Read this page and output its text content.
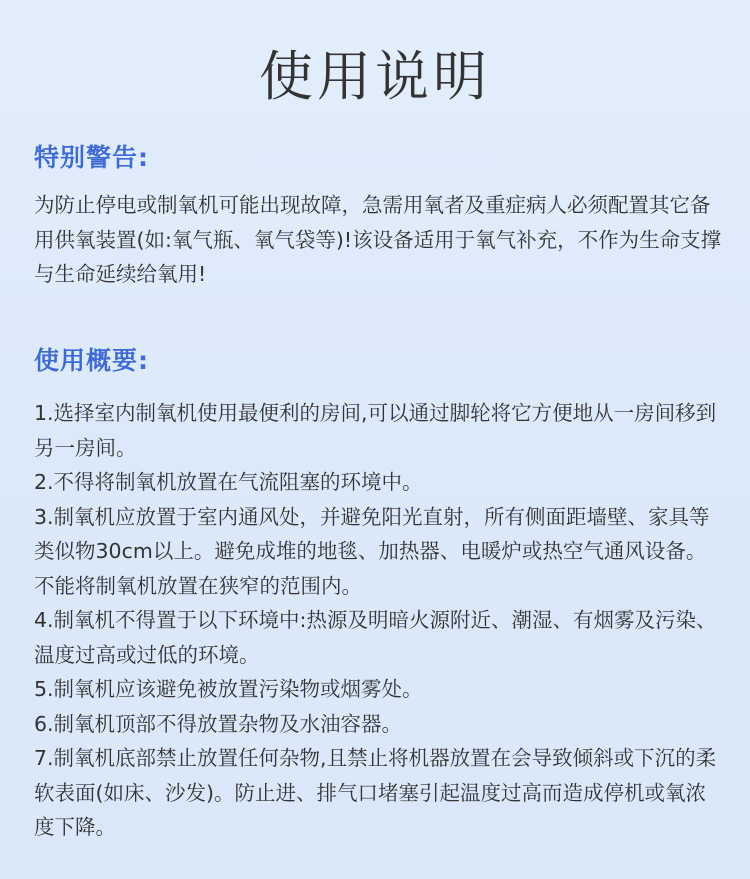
使用说明
特别警告:
为防止停电或制氧机可能出现故障，急需用氧者及重症病人必须配置其它备用供氧装置(如:氧气瓶、氧气袋等)!该设备适用于氧气补充，不作为生命支撑与生命延续给氧用!
使用概要:

1.选择室内制氧机使用最便利的房间,可以通过脚轮将它方便地从一房间移到另一房间。

2.不得将制氧机放置在气流阻塞的环境中。

3.制氧机应放置于室内通风处，并避免阳光直射，所有侧面距墙壁、家具等类似物30cm以上。避免成堆的地毯、加热器、电暖炉或热空气通风设备。不能将制氧机放置在狭窄的范围内。

4.制氧机不得置于以下环境中:热源及明暗火源附近、潮湿、有烟雾及污染、温度过高或过低的环境。

5.制氧机应该避免被放置污染物或烟雾处。

6.制氧机顶部不得放置杂物及水油容器。

7.制氧机底部禁止放置任何杂物,且禁止将机器放置在会导致倾斜或下沉的柔软表面(如床、沙发)。防止进、排气口堵塞引起温度过高而造成停机或氧浓度下降。
